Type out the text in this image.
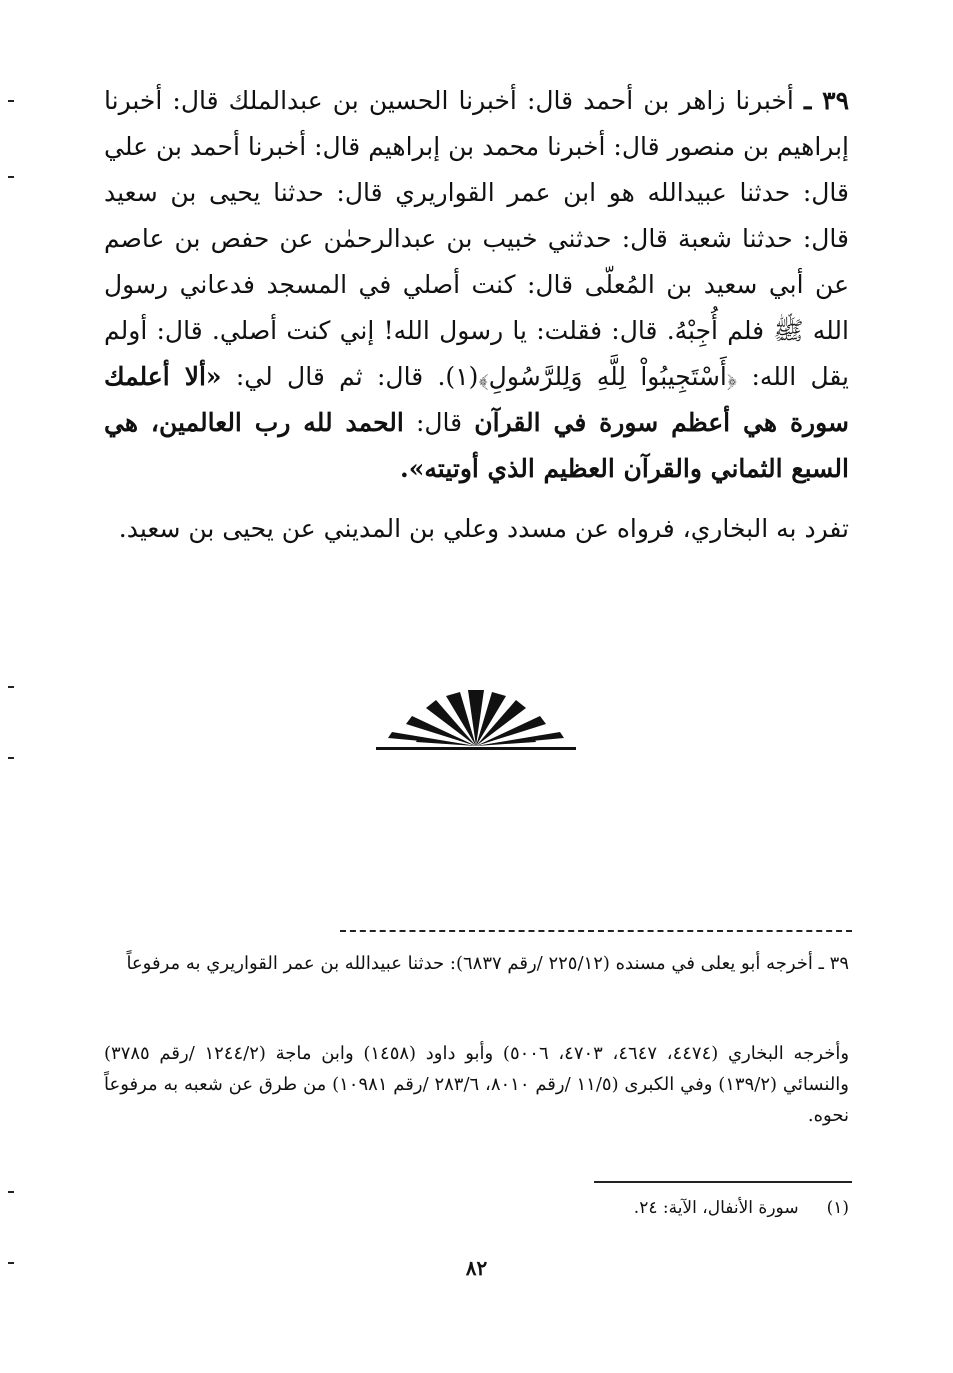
٣٩ ـ أخبرنا زاهر بن أحمد قال: أخبرنا الحسين بن عبدالملك قال: أخبرنا إبراهيم بن منصور قال: أخبرنا محمد بن إبراهيم قال: أخبرنا أحمد بن علي قال: حدثنا عبيدالله هو ابن عمر القواريري قال: حدثنا يحيى بن سعيد قال: حدثنا شعبة قال: حدثني خبيب بن عبدالرحمٰن عن حفص بن عاصم عن أبي سعيد بن المُعلّى قال: كنت أصلي في المسجد فدعاني رسول الله ﷺ فلم أُجِبْهُ. قال: فقلت: يا رسول الله! إني كنت أصلي. قال: أولم يقل الله: ﴿أَسْتَجِيبُواْ لِلَّهِ وَلِلرَّسُولِ﴾(١). قال: ثم قال لي: «ألا أعلمك سورة هي أعظم سورة في القرآن قال: الحمد لله رب العالمين، هي السبع الثماني والقرآن العظيم الذي أوتيته».

تفرد به البخاري، فرواه عن مسدد وعلي بن المديني عن يحيى بن سعيد.

٣٩ ـ أخرجه أبو يعلى في مسنده (٢٢٥/١٢ /رقم ٦٨٣٧): حدثنا عبيدالله بن عمر القواريري به مرفوعاً

وأخرجه البخاري (٤٤٧٤، ٤٦٤٧، ٤٧٠٣، ٥٠٠٦) وأبو داود (١٤٥٨) وابن ماجة (١٢٤٤/٢ /رقم ٣٧٨٥) والنسائي (١٣٩/٢) وفي الكبرى (١١/٥ /رقم ٨٠١٠، ٢٨٣/٦ /رقم ١٠٩٨١) من طرق عن شعبه به مرفوعاً نحوه.

(١)سورة الأنفال، الآية: ٢٤.
٨٢
